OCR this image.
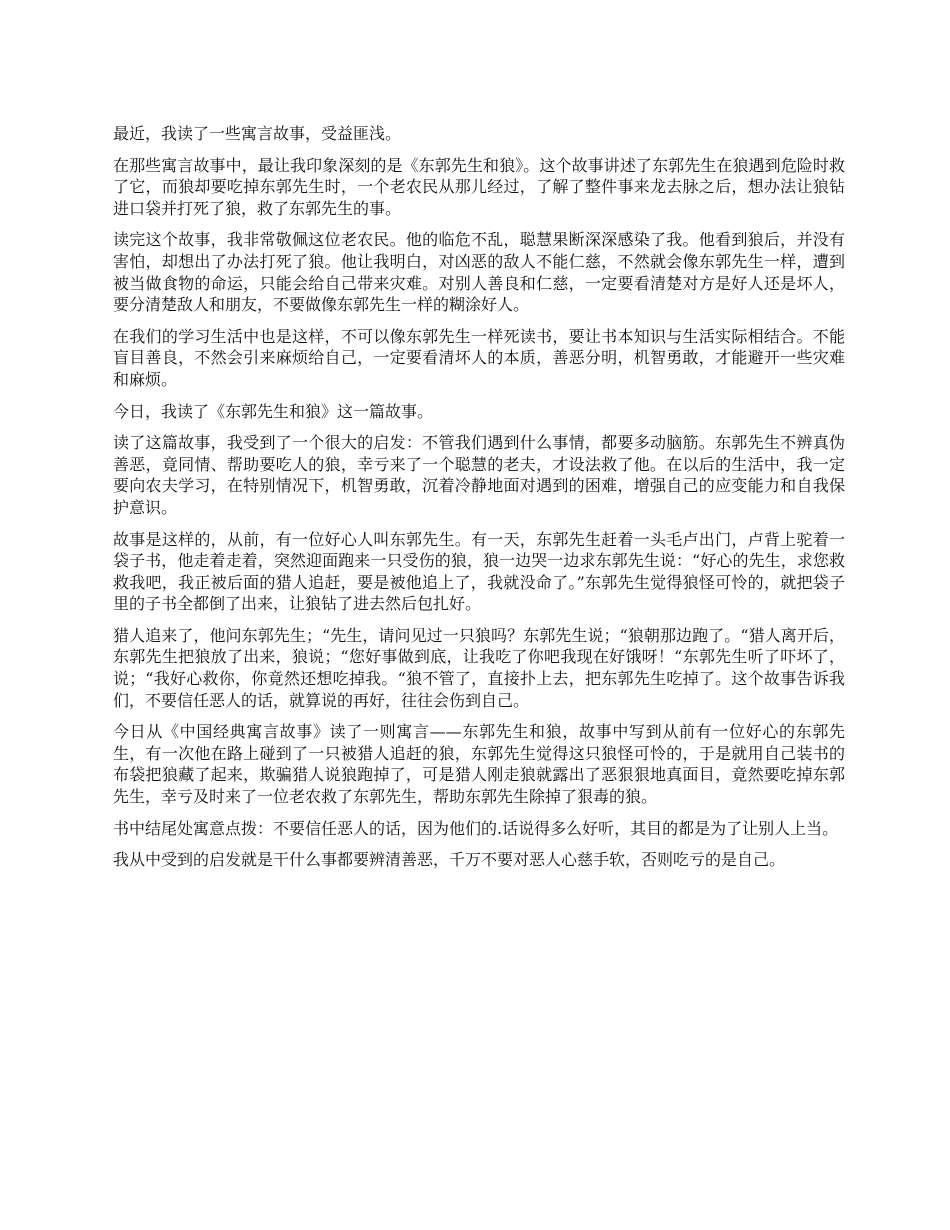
最近，我读了一些寓言故事，受益匪浅。

在那些寓言故事中，最让我印象深刻的是《东郭先生和狼》。这个故事讲述了东郭先生在狼遇到危险时救了它，而狼却要吃掉东郭先生时，一个老农民从那儿经过，了解了整件事来龙去脉之后，想办法让狼钻进口袋并打死了狼，救了东郭先生的事。

读完这个故事，我非常敬佩这位老农民。他的临危不乱，聪慧果断深深感染了我。他看到狼后，并没有害怕，却想出了办法打死了狼。他让我明白，对凶恶的敌人不能仁慈，不然就会像东郭先生一样，遭到被当做食物的命运，只能会给自己带来灾难。对别人善良和仁慈，一定要看清楚对方是好人还是坏人，要分清楚敌人和朋友，不要做像东郭先生一样的糊涂好人。

在我们的学习生活中也是这样，不可以像东郭先生一样死读书，要让书本知识与生活实际相结合。不能盲目善良，不然会引来麻烦给自己，一定要看清坏人的本质，善恶分明，机智勇敢，才能避开一些灾难和麻烦。

今日，我读了《东郭先生和狼》这一篇故事。

读了这篇故事，我受到了一个很大的启发：不管我们遇到什么事情，都要多动脑筋。东郭先生不辨真伪善恶，竟同情、帮助要吃人的狼，幸亏来了一个聪慧的老夫，才设法救了他。在以后的生活中，我一定要向农夫学习，在特别情况下，机智勇敢，沉着冷静地面对遇到的困难，增强自己的应变能力和自我保护意识。

故事是这样的，从前，有一位好心人叫东郭先生。有一天，东郭先生赶着一头毛卢出门，卢背上驼着一袋子书，他走着走着，突然迎面跑来一只受伤的狼，狼一边哭一边求东郭先生说：“好心的先生，求您救救我吧，我正被后面的猎人追赶，要是被他追上了，我就没命了。”东郭先生觉得狼怪可怜的，就把袋子里的子书全都倒了出来，让狼钻了进去然后包扎好。

猎人追来了，他问东郭先生；“先生，请问见过一只狼吗？东郭先生说；“狼朝那边跑了。“猎人离开后，东郭先生把狼放了出来，狼说；“您好事做到底，让我吃了你吧我现在好饿呀！“东郭先生听了吓坏了，说；“我好心救你，你竟然还想吃掉我。“狼不管了，直接扑上去，把东郭先生吃掉了。这个故事告诉我们，不要信任恶人的话，就算说的再好，往往会伤到自己。

今日从《中国经典寓言故事》读了一则寓言——东郭先生和狼，故事中写到从前有一位好心的东郭先生，有一次他在路上碰到了一只被猎人追赶的狼，东郭先生觉得这只狼怪可怜的，于是就用自己装书的布袋把狼藏了起来，欺骗猎人说狼跑掉了，可是猎人刚走狼就露出了恶狠狠地真面目，竟然要吃掉东郭先生，幸亏及时来了一位老农救了东郭先生，帮助东郭先生除掉了狠毒的狼。

书中结尾处寓意点拨：不要信任恶人的话，因为他们的.话说得多么好听，其目的都是为了让别人上当。

我从中受到的启发就是干什么事都要辨清善恶，千万不要对恶人心慈手软，否则吃亏的是自己。
